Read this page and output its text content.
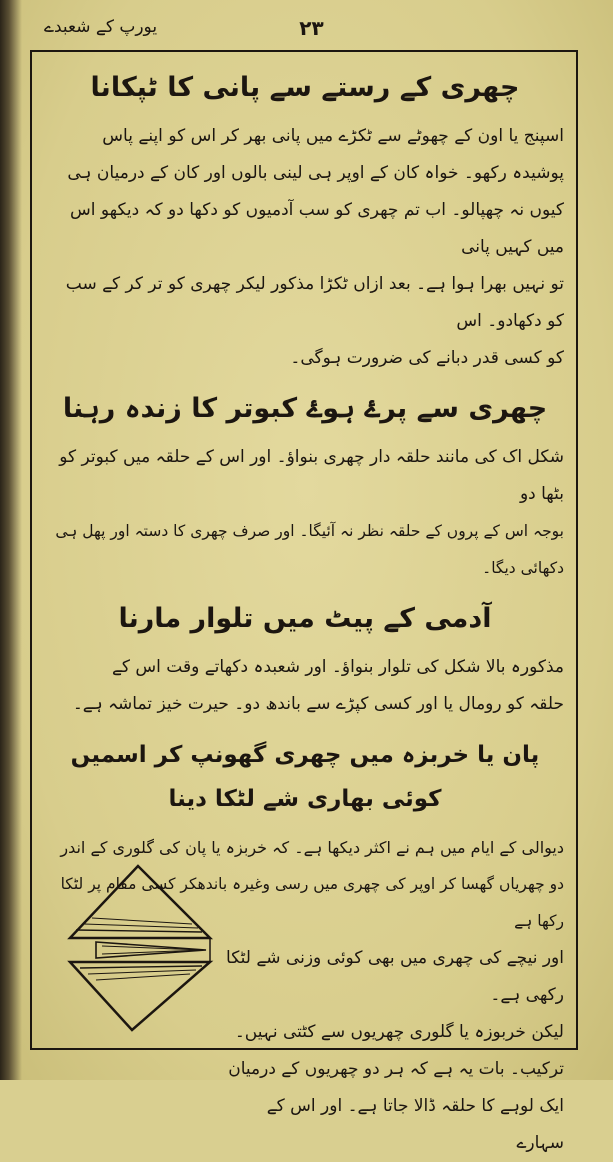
یورپ کے شعبدے	۲۳
چھری کے رستے سے پانی کا ٹپکانا

اسپنج یا اون کے چھوٹے سے ٹکڑے میں پانی بھر کر اس کو اپنے پاس

پوشیدہ رکھو۔ خواہ کان کے اوپر ہی لینی بالوں اور کان کے درمیان ہی

کیوں نہ چھپالو۔ اب تم چھری کو سب آدمیوں کو دکھا دو کہ دیکھو اس میں کہیں پانی

تو نہیں بھرا ہوا ہے۔ بعد ازاں ٹکڑا مذکور لیکر چھری کو تر کر کے سب کو دکھادو۔ اس

کو کسی قدر دبانے کی ضرورت ہوگی۔

چھری سے پرۓ ہوۓ کبوتر کا زندہ رہنا

شکل اک کی مانند حلقہ دار چھری بنواؤ۔ اور اس کے حلقہ میں کبوتر کو بٹھا دو

بوجہ اس کے پروں کے حلقہ نظر نہ آئیگا۔ اور صرف چھری کا دستہ اور پھل ہی دکھائی دیگا۔

آدمی کے پیٹ میں تلوار مارنا

مذکورہ بالا شکل کی تلوار بنواؤ۔ اور شعبدہ دکھاتے وقت اس کے

حلقہ کو رومال یا اور کسی کپڑے سے باندھ دو۔ حیرت خیز تماشہ ہے۔

پان یا خربزہ میں چھری گھونپ کر اسمیں کوئی بھاری شے لٹکا دینا

دیوالی کے ایام میں ہم نے اکثر دیکھا ہے۔ کہ خربزہ یا پان کی گلوری کے اندر

دو چھریاں گھسا کر اوپر کی چھری میں رسی وغیرہ باندھکر کسی مقام پر لٹکا رکھا ہے

اور نیچے کی چھری میں بھی کوئی وزنی شے لٹکا رکھی ہے۔

لیکن خربوزہ یا گلوری چھریوں سے کٹتی نہیں۔

ترکیب۔ بات یہ ہے کہ ہر دو چھریوں کے درمیان

ایک لوہے کا حلقہ ڈالا جاتا ہے۔ اور اس کے سہارے
